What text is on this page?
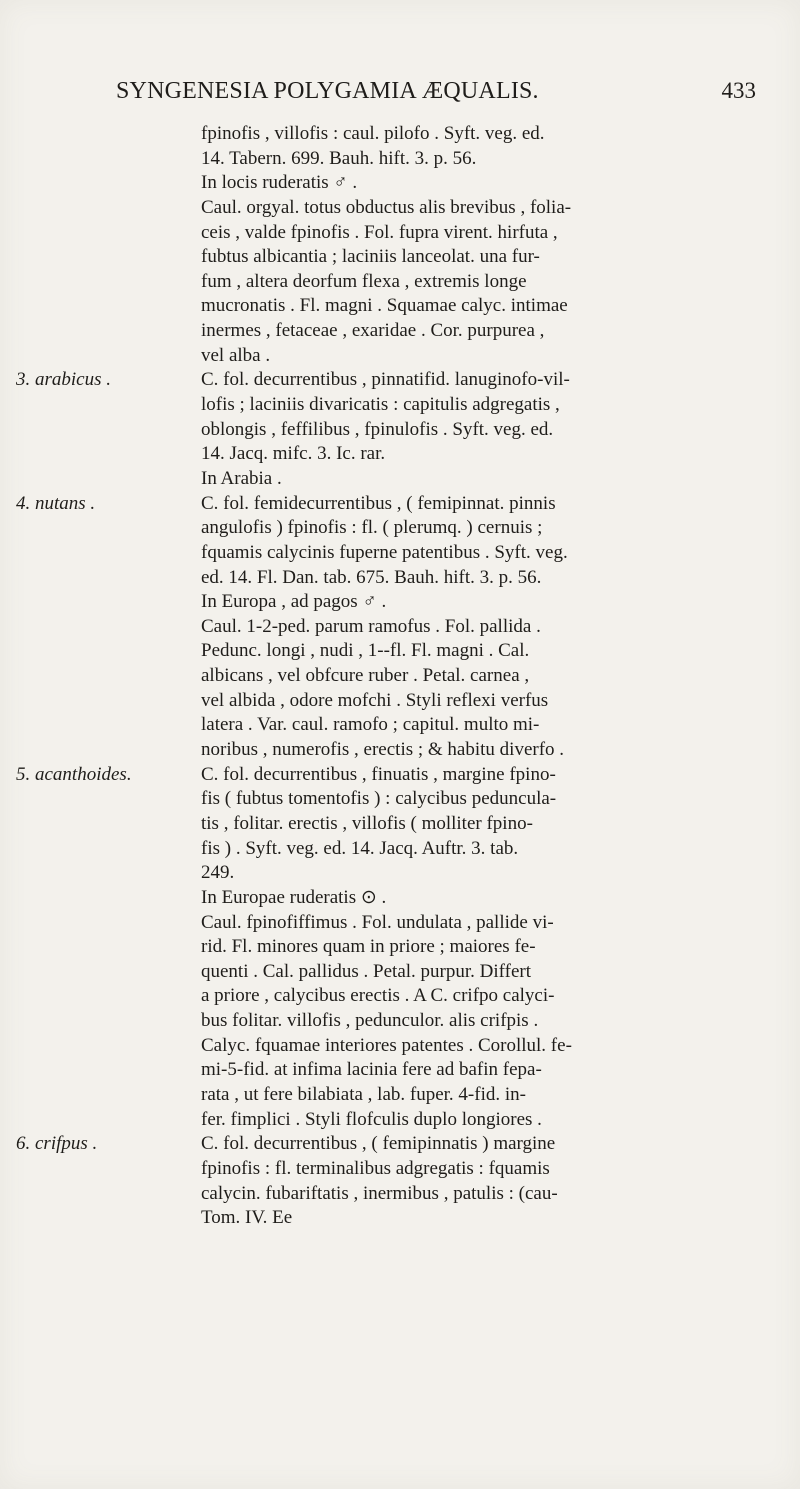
SYNGENESIA POLYGAMIA ÆQUALIS.	433
fpinofis , villofis : caul. pilofo . Syft. veg. ed.
14. Tabern. 699. Bauh. hift. 3. p. 56.
In locis ruderatis ♂ .
Caul. orgyal. totus obductus alis brevibus , folia-
ceis , valde fpinofis . Fol. fupra virent. hirfuta ,
fubtus albicantia ; laciniis lanceolat. una fur-
fum , altera deorfum flexa , extremis longe
mucronatis . Fl. magni . Squamae calyc. intimae
inermes , fetaceae , exaridae . Cor. purpurea ,
vel alba .
3. arabicus .	C. fol. decurrentibus , pinnatifid. lanuginofo-vil-
lofis ; laciniis divaricatis : capitulis adgregatis ,
oblongis , feffilibus , fpinulofis . Syft. veg. ed.
14. Jacq. mifc. 3. Ic. rar.
In Arabia .
4. nutans .	C. fol. femidecurrentibus , ( femipinnat. pinnis
angulofis ) fpinofis : fl. ( plerumq. ) cernuis ;
fquamis calycinis fuperne patentibus . Syft. veg.
ed. 14. Fl. Dan. tab. 675. Bauh. hift. 3. p. 56.
In Europa , ad pagos ♂ .
Caul. 1-2-ped. parum ramofus . Fol. pallida .
Pedunc. longi , nudi , 1--fl. Fl. magni . Cal.
albicans , vel obfcure ruber . Petal. carnea ,
vel albida , odore mofchi . Styli reflexi verfus
latera . Var. caul. ramofo ; capitul. multo mi-
noribus , numerofis , erectis ; & habitu diverfo .
5. acanthoides.	C. fol. decurrentibus , finuatis , margine fpino-
fis ( fubtus tomentofis ) : calycibus peduncula-
tis , folitar. erectis , villofis ( molliter fpino-
fis ) . Syft. veg. ed. 14. Jacq. Auftr. 3. tab.
249.
In Europae ruderatis ⊙ .
Caul. fpinofiffimus . Fol. undulata , pallide vi-
rid. Fl. minores quam in priore ; maiores fe-
quenti . Cal. pallidus . Petal. purpur. Differt
a priore , calycibus erectis . A C. crifpo calyci-
bus folitar. villofis , pedunculor. alis crifpis .
Calyc. fquamae interiores patentes . Corollul. fe-
mi-5-fid. at infima lacinia fere ad bafin fepa-
rata , ut fere bilabiata , lab. fuper. 4-fid. in-
fer. fimplici . Styli flofculis duplo longiores .
6. crifpus .	C. fol. decurrentibus , ( femipinnatis ) margine
fpinofis : fl. terminalibus adgregatis : fquamis
calycin. fubariftatis , inermibus , patulis : (cau-
Tom. IV. Ee
